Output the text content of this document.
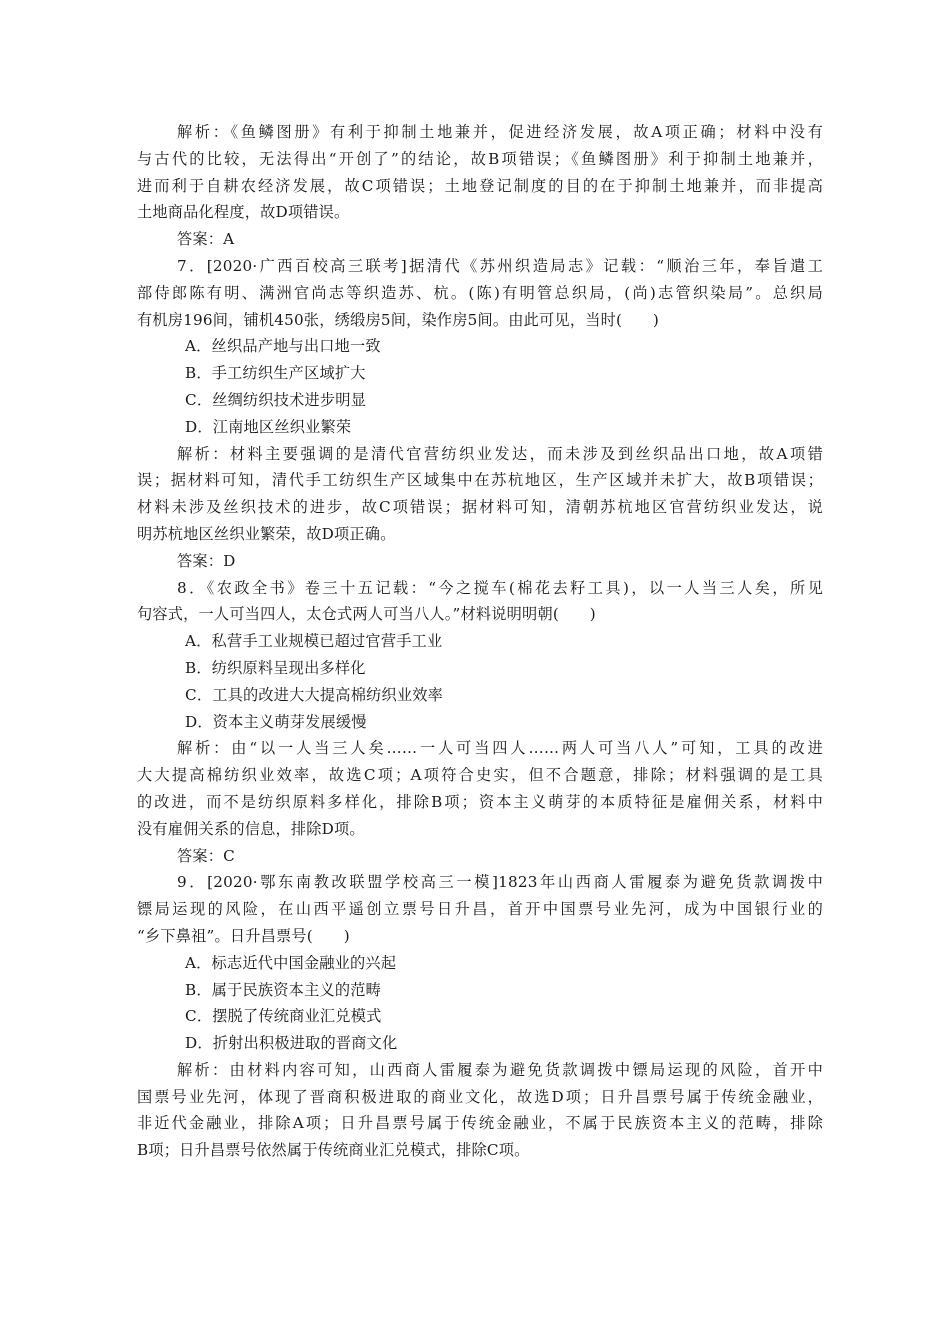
解析：《鱼鳞图册》有利于抑制土地兼并，促进经济发展，故A项正确；材料中没有
与古代的比较，无法得出“开创了”的结论，故B项错误；《鱼鳞图册》利于抑制土地兼并，
进而利于自耕农经济发展，故C项错误；土地登记制度的目的在于抑制土地兼并，而非提高
土地商品化程度，故D项错误。
答案：A
7．[2020·广西百校高三联考]据清代《苏州织造局志》记载：“顺治三年，奉旨遣工
部侍郎陈有明、满洲官尚志等织造苏、杭。(陈)有明管总织局，(尚)志管织染局”。总织局
有机房196间，铺机450张，绣缎房5间，染作房5间。由此可见，当时(　　)
A．丝织品产地与出口地一致
B．手工纺织生产区域扩大
C．丝绸纺织技术进步明显
D．江南地区丝织业繁荣
解析：材料主要强调的是清代官营纺织业发达，而未涉及到丝织品出口地，故A项错
误；据材料可知，清代手工纺织生产区域集中在苏杭地区，生产区域并未扩大，故B项错误；
材料未涉及丝织技术的进步，故C项错误；据材料可知，清朝苏杭地区官营纺织业发达，说
明苏杭地区丝织业繁荣，故D项正确。
答案：D
8．《农政全书》卷三十五记载：“今之搅车(棉花去籽工具)，以一人当三人矣，所见
句容式，一人可当四人，太仓式两人可当八人。”材料说明明朝(　　)
A．私营手工业规模已超过官营手工业
B．纺织原料呈现出多样化
C．工具的改进大大提高棉纺织业效率
D．资本主义萌芽发展缓慢
解析：由“以一人当三人矣……一人可当四人……两人可当八人”可知，工具的改进
大大提高棉纺织业效率，故选C项；A项符合史实，但不合题意，排除；材料强调的是工具
的改进，而不是纺织原料多样化，排除B项；资本主义萌芽的本质特征是雇佣关系，材料中
没有雇佣关系的信息，排除D项。
答案：C
9．[2020·鄂东南教改联盟学校高三一模]1823年山西商人雷履泰为避免货款调拨中
镖局运现的风险，在山西平遥创立票号日升昌，首开中国票号业先河，成为中国银行业的
“乡下鼻祖”。日升昌票号(　　)
A．标志近代中国金融业的兴起
B．属于民族资本主义的范畴
C．摆脱了传统商业汇兑模式
D．折射出积极进取的晋商文化
解析：由材料内容可知，山西商人雷履泰为避免货款调拨中镖局运现的风险，首开中
国票号业先河，体现了晋商积极进取的商业文化，故选D项；日升昌票号属于传统金融业，
非近代金融业，排除A项；日升昌票号属于传统金融业，不属于民族资本主义的范畴，排除
B项；日升昌票号依然属于传统商业汇兑模式，排除C项。
